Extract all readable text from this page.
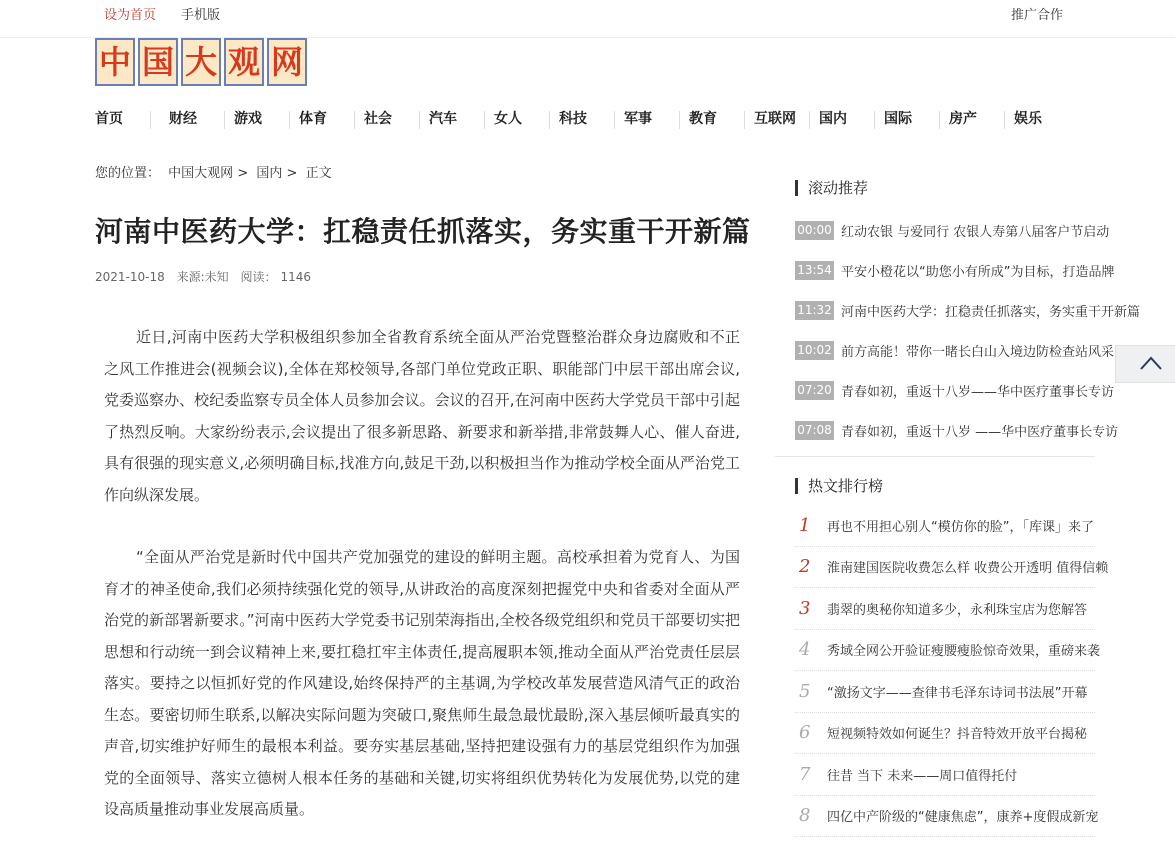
设为首页 手机版	推广合作
中 国 大 观 网
首页	财经	游戏	体育	社会	汽车	女人	科技	军事	教育	互联网 国内	国际	房产	娱乐
您的位置： 中国大观网 > 国内 > 正文
河南中医药大学：扛稳责任抓落实，务实重干开新篇
2021-10-18 来源:未知 阅读： 1146

近日,河南中医药大学积极组织参加全省教育系统全面从严治党暨整治群众身边腐败和不正之风工作推进会(视频会议),全体在郑校领导,各部门单位党政正职、职能部门中层干部出席会议,党委巡察办、校纪委监察专员全体人员参加会议。会议的召开,在河南中医药大学党员干部中引起了热烈反响。大家纷纷表示,会议提出了很多新思路、新要求和新举措,非常鼓舞人心、催人奋进,具有很强的现实意义,必须明确目标,找准方向,鼓足干劲,以积极担当作为推动学校全面从严治党工作向纵深发展。

“全面从严治党是新时代中国共产党加强党的建设的鲜明主题。高校承担着为党育人、为国育才的神圣使命,我们必须持续强化党的领导,从讲政治的高度深刻把握党中央和省委对全面从严治党的新部署新要求。”河南中医药大学党委书记别荣海指出,全校各级党组织和党员干部要切实把思想和行动统一到会议精神上来,要扛稳扛牢主体责任,提高履职本领,推动全面从严治党责任层层落实。要持之以恒抓好党的作风建设,始终保持严的主基调,为学校改革发展营造风清气正的政治生态。要密切师生联系,以解决实际问题为突破口,聚焦师生最急最忧最盼,深入基层倾听最真实的声音,切实维护好师生的最根本利益。要夯实基层基础,坚持把建设强有力的基层党组织作为加强党的全面领导、落实立德树人根本任务的基础和关键,切实将组织优势转化为发展优势,以党的建设高质量推动事业发展高质量。

滚动推荐
00:00 红动农银 与爱同行 农银人寿第八届客户节启动
13:54 平安小橙花以“助您小有所成”为目标，打造品牌
11:32 河南中医药大学：扛稳责任抓落实，务实重干开新篇
10:02 前方高能！带你一睹长白山入境边防检查站风采
07:20 青春如初，重返十八岁——华中医疗董事长专访
07:08 青春如初，重返十八岁 ——华中医疗董事长专访
热文排行榜
1	再也不用担心别人“模仿你的脸”，「库课」来了
2	淮南建国医院收费怎么样 收费公开透明 值得信赖
3	翡翠的奥秘你知道多少，永利珠宝店为您解答
4	秀域全网公开验证瘦腰瘦脸惊奇效果，重磅来袭
5	“激扬文字——查律书毛泽东诗词书法展”开幕
6	短视频特效如何诞生？抖音特效开放平台揭秘
7	往昔 当下 未来——周口值得托付
8	四亿中产阶级的“健康焦虑”，康养+度假成新宠
